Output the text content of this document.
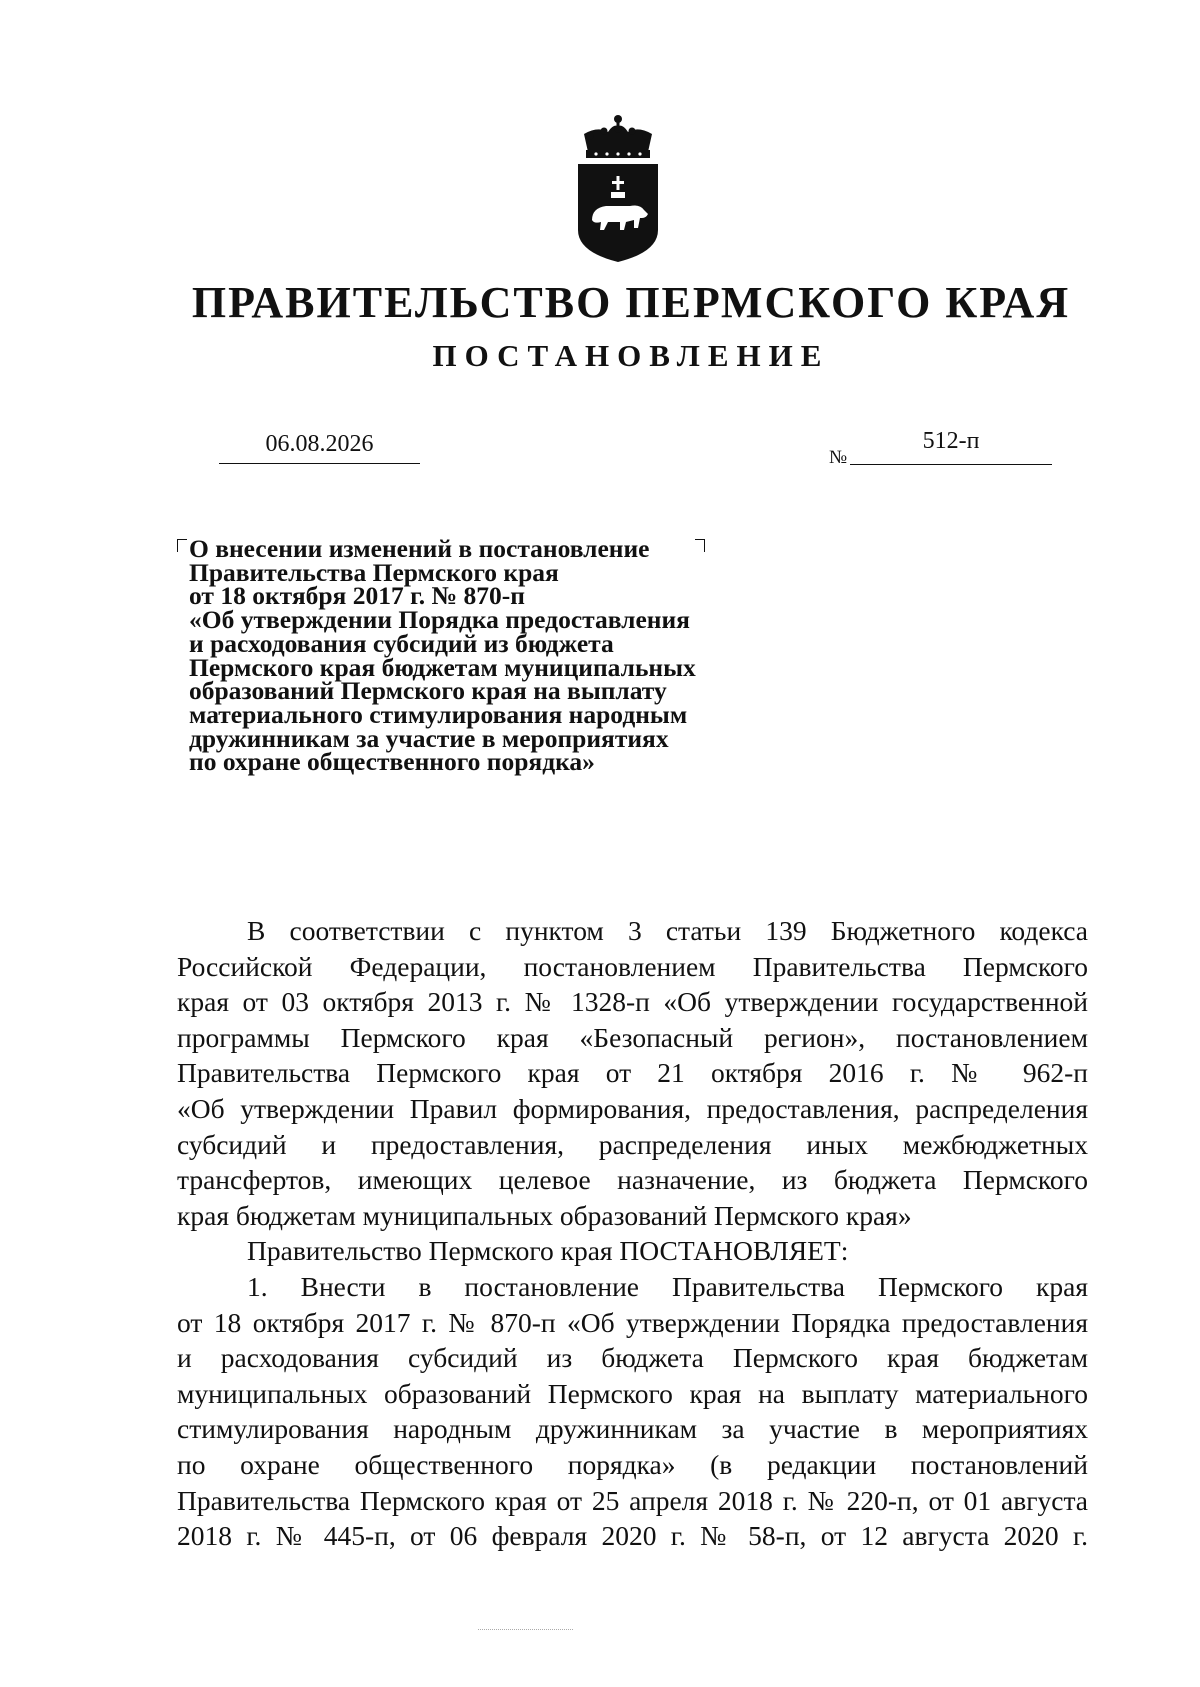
ПРАВИТЕЛЬСТВО ПЕРМСКОГО КРАЯ
ПОСТАНОВЛЕНИЕ
06.08.2026
№
512-п
О внесении изменений в постановление
Правительства Пермского края
от 18 октября 2017 г. № 870-п
«Об утверждении Порядка предоставления
и расходования субсидий из бюджета
Пермского края бюджетам муниципальных
образований Пермского края на выплату
материального стимулирования народным
дружинникам за участие в мероприятиях
по охране общественного порядка»
В соответствии с пунктом 3 статьи 139 Бюджетного кодекса
Российской Федерации, постановлением Правительства Пермского
края от 03 октября 2013 г. № 1328-п «Об утверждении государственной
программы Пермского края «Безопасный регион», постановлением
Правительства Пермского края от 21 октября 2016 г. № 962-п
«Об утверждении Правил формирования, предоставления, распределения
субсидий и предоставления, распределения иных межбюджетных
трансфертов, имеющих целевое назначение, из бюджета Пермского
края бюджетам муниципальных образований Пермского края»
Правительство Пермского края ПОСТАНОВЛЯЕТ:
1. Внести в постановление Правительства Пермского края
от 18 октября 2017 г. № 870-п «Об утверждении Порядка предоставления
и расходования субсидий из бюджета Пермского края бюджетам
муниципальных образований Пермского края на выплату материального
стимулирования народным дружинникам за участие в мероприятиях
по охране общественного порядка» (в редакции постановлений
Правительства Пермского края от 25 апреля 2018 г. № 220-п, от 01 августа
2018 г. № 445-п, от 06 февраля 2020 г. № 58-п, от 12 августа 2020 г.
